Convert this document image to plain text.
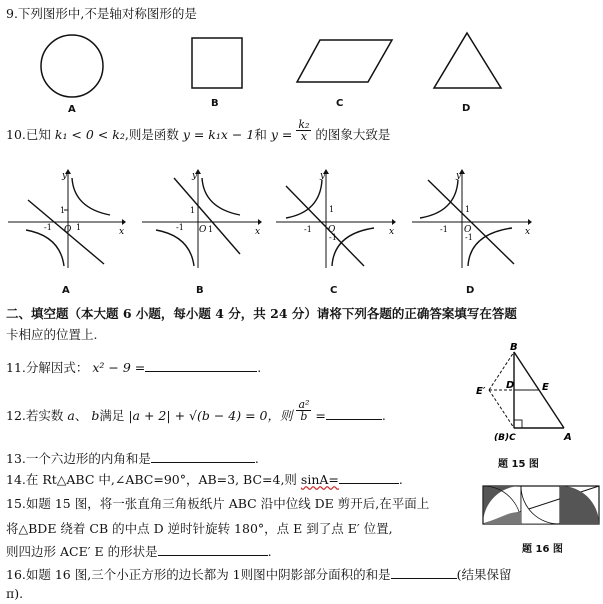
9.下列图形中,不是轴对称图形的是
A
B	C	D
10.已知 k₁ < 0 < k₂,则是函数 y = k₁x − 1和 $y = \frac{\text{k₂}}{x}$ 的图象大致是
y
x
1
O
-1	1
A
y
x
1
O
-1	1
B
y
x
1
O
-1
-1
C
y
x
1
O
-1
-1
D
二、填空题（本大题 6 小题，每小题 4 分，共 24 分）请将下列各题的正确答案填写在答题
卡相应的位置上.
11.分解因式： x² − 9 =	.
12.若实数 a、 b满足 |a + 2| + √(b − 4) = 0，则 $\frac{\text{a²}}{b}$ =	.
13.一个六边形的内角和是	.
14.在 Rt△ABC 中,∠ABC=90°，AB=3, BC=4,则 sinA=	.
15.如题 15 图，将一张直角三角板纸片 ABC 沿中位线 DE 剪开后,在平面上
将△BDE 绕着 CB 的中点 D 逆时针旋转 180°，点 E 到了点 E′ 位置,
则四边形 ACE′ E 的形状是	.
16.如题 16 图,三个小正方形的边长都为 1则图中阴影部分面积的和是	(结果保留
π).
B
D	E
E′
(B)C	A
题 15 图
题 16 图
